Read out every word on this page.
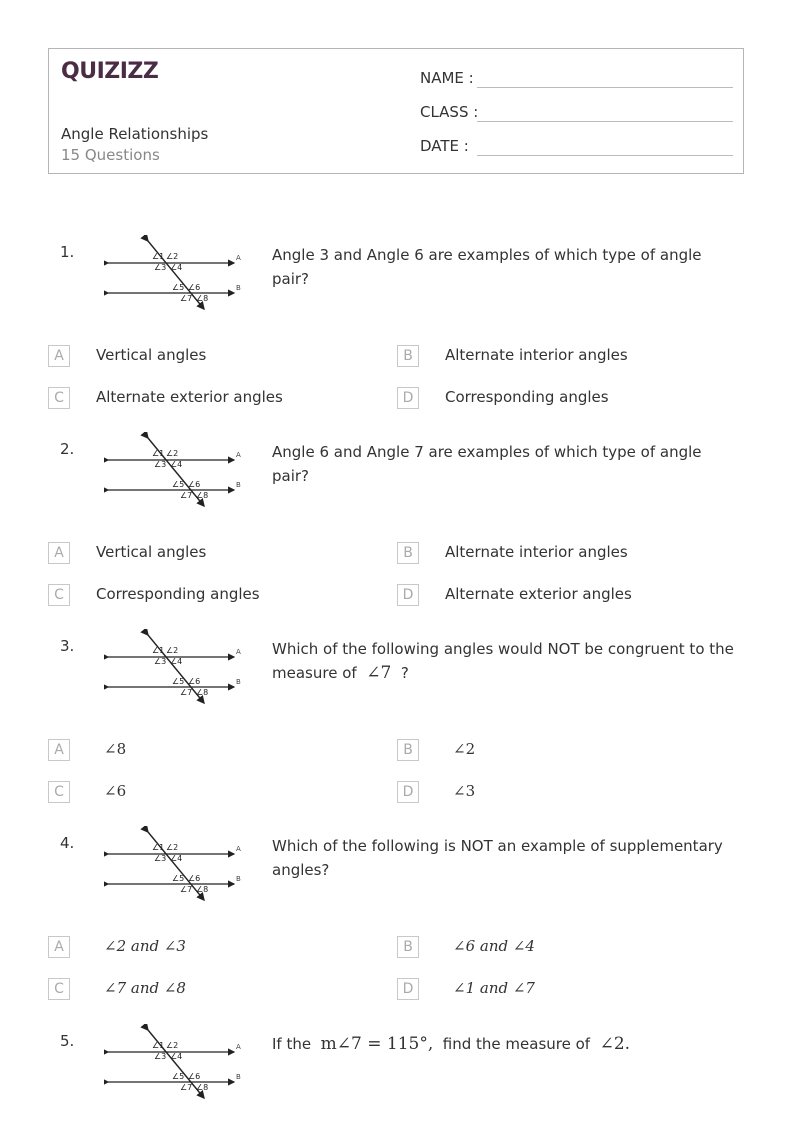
QUIZIZZ
Angle Relationships
15 Questions
NAME :
CLASS :
DATE :
1.	∠1 ∠2
∠3 ∠4
∠5 ∠6
∠7 ∠8
A
B
Angle 3 and Angle 6 are examples of which type of angle pair?
A	Vertical angles	B	Alternate interior angles
C	Alternate exterior angles	D	Corresponding angles
2.	∠1 ∠2
∠3 ∠4
∠5 ∠6
∠7 ∠8
A
B
Angle 6 and Angle 7 are examples of which type of angle pair?
A	Vertical angles	B	Alternate interior angles
C	Corresponding angles	D	Alternate exterior angles
3.	∠1 ∠2
∠3 ∠4
∠5 ∠6
∠7 ∠8
A
B
Which of the following angles would NOT be congruent to the measure of ∠7 ?
A	∠8	B	∠2
C	∠6	D	∠3
4.	∠1 ∠2
∠3 ∠4
∠5 ∠6
∠7 ∠8
A
B
Which of the following is NOT an example of supplementary angles?
A	∠2 and ∠3	B	∠6 and ∠4
C	∠7 and ∠8	D	∠1 and ∠7
5.	∠1 ∠2
∠3 ∠4
∠5 ∠6
∠7 ∠8
A
B
If the m∠7 = 115°, find the measure of ∠2.
